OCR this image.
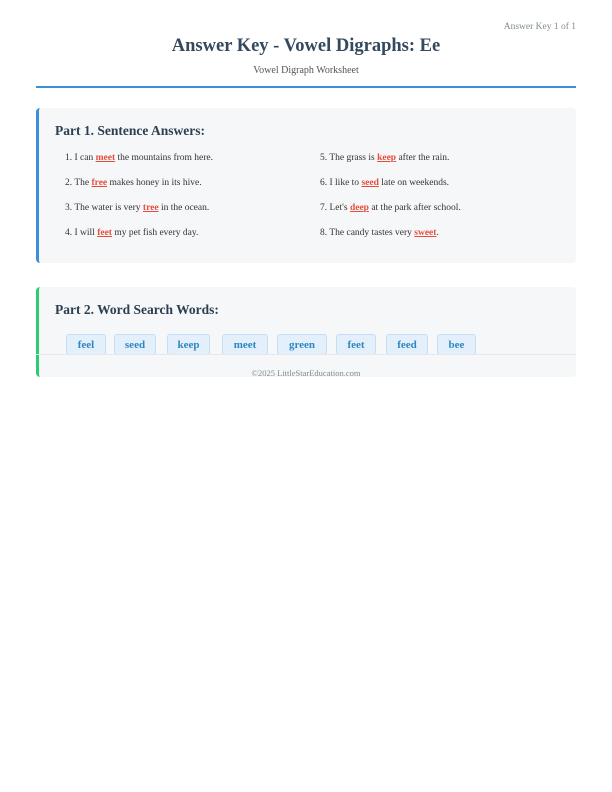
Answer Key 1 of 1
Answer Key - Vowel Digraphs: Ee
Vowel Digraph Worksheet
Part 1. Sentence Answers:
1. I can meet the mountains from here.
2. The free makes honey in its hive.
3. The water is very tree in the ocean.
4. I will feet my pet fish every day.
5. The grass is keep after the rain.
6. I like to seed late on weekends.
7. Let's deep at the park after school.
8. The candy tastes very sweet.
Part 2. Word Search Words:
feel	seed	keep	meet	green	feet	feed	bee
©2025 LittleStarEducation.com
